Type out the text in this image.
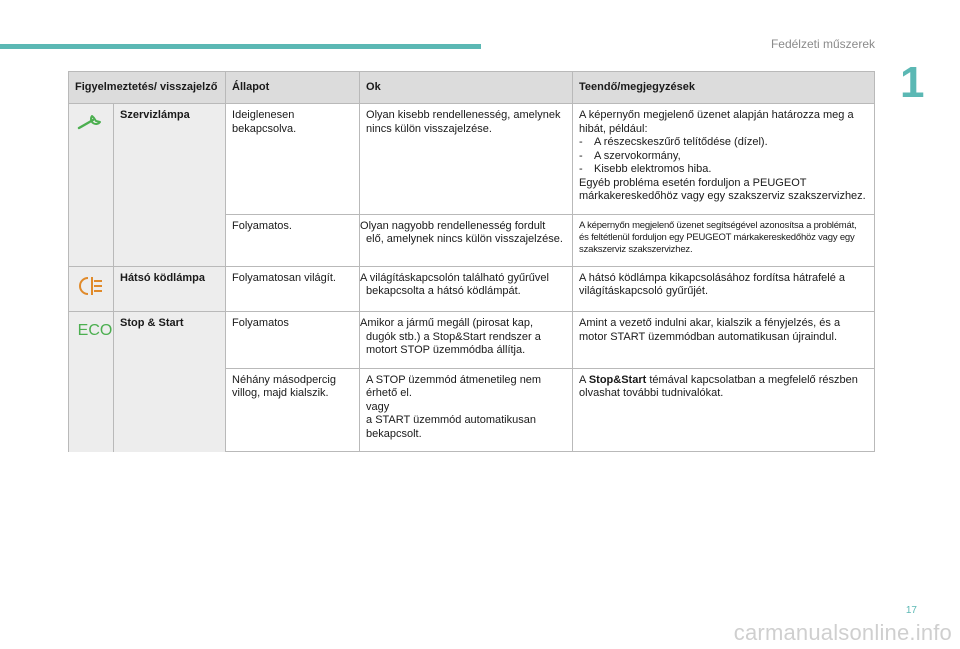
Fedélzeti műszerek
1
Figyelmeztetés/ visszajelző		Állapot	Ok	Teendő/megjegyzések

	Szervizlámpa	Ideiglenesen bekapcsolva.	Olyan kisebb rendellenesség, amelynek nincs külön visszajelzése.	A képernyőn megjelenő üzenet alapján határozza meg a hibát, például:
- A részecskeszűrő telítődése (dízel).
- A szervokormány,
- Kisebb elektromos hiba.
Egyéb probléma esetén forduljon a PEUGEOT márkakereskedőhöz vagy egy szakszerviz szakszervizhez.

		Folyamatos.	Olyan nagyobb rendellenesség fordult elő, amelynek nincs külön visszajelzése.	A képernyőn megjelenő üzenet segítségével azonosítsa a problémát, és feltétlenül forduljon egy PEUGEOT márkakereskedőhöz vagy egy szakszerviz szakszervizhez.

	Hátsó ködlámpa	Folyamatosan világít.	A világításkapcsolón található gyűrűvel bekapcsolta a hátsó ködlámpát.	A hátsó ködlámpa kikapcsolásához fordítsa hátrafelé a világításkapcsoló gyűrűjét.

ECO	Stop & Start	Folyamatos	Amikor a jármű megáll (pirosat kap, dugók stb.) a Stop&Start rendszer a motort STOP üzemmódba állítja.	Amint a vezető indulni akar, kialszik a fényjelzés, és a motor START üzemmódban automatikusan újraindul.
		Néhány másodpercig villog, majd kialszik.	A STOP üzemmód átmenetileg nem érhető el.
vagy
a START üzemmód automatikusan bekapcsolt.	A Stop&Start témával kapcsolatban a megfelelő részben olvashat további tudnivalókat.
17
carmanualsonline.info
